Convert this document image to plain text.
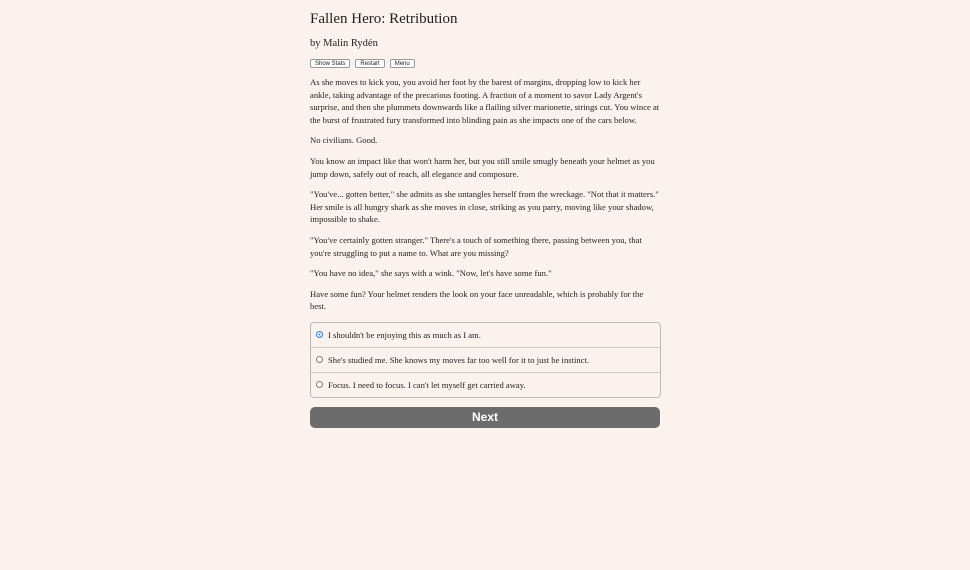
Fallen Hero: Retribution
by Malin Rydén
Show Stats	Restart	Menu

As she moves to kick you, you avoid her foot by the barest of margins, dropping low to kick her ankle, taking advantage of the precarious footing. A fraction of a moment to savor Lady Argent's surprise, and then she plummets downwards like a flailing silver marionette, strings cut. You wince at the burst of frustrated fury transformed into blinding pain as she impacts one of the cars below.

No civilians. Good.

You know an impact like that won't harm her, but you still smile smugly beneath your helmet as you jump down, safely out of reach, all elegance and composure.

"You've... gotten better," she admits as she untangles herself from the wreckage. "Not that it matters." Her smile is all hungry shark as she moves in close, striking as you parry, moving like your shadow, impossible to shake.

"You've certainly gotten stranger." There's a touch of something there, passing between you, that you're struggling to put a name to. What are you missing?

"You have no idea," she says with a wink. "Now, let's have some fun."

Have some fun? Your helmet renders the look on your face unreadable, which is probably for the best.

I shouldn't be enjoying this as much as I am.
She's studied me. She knows my moves far too well for it to just be instinct.
Focus. I need to focus. I can't let myself get carried away.
Next
